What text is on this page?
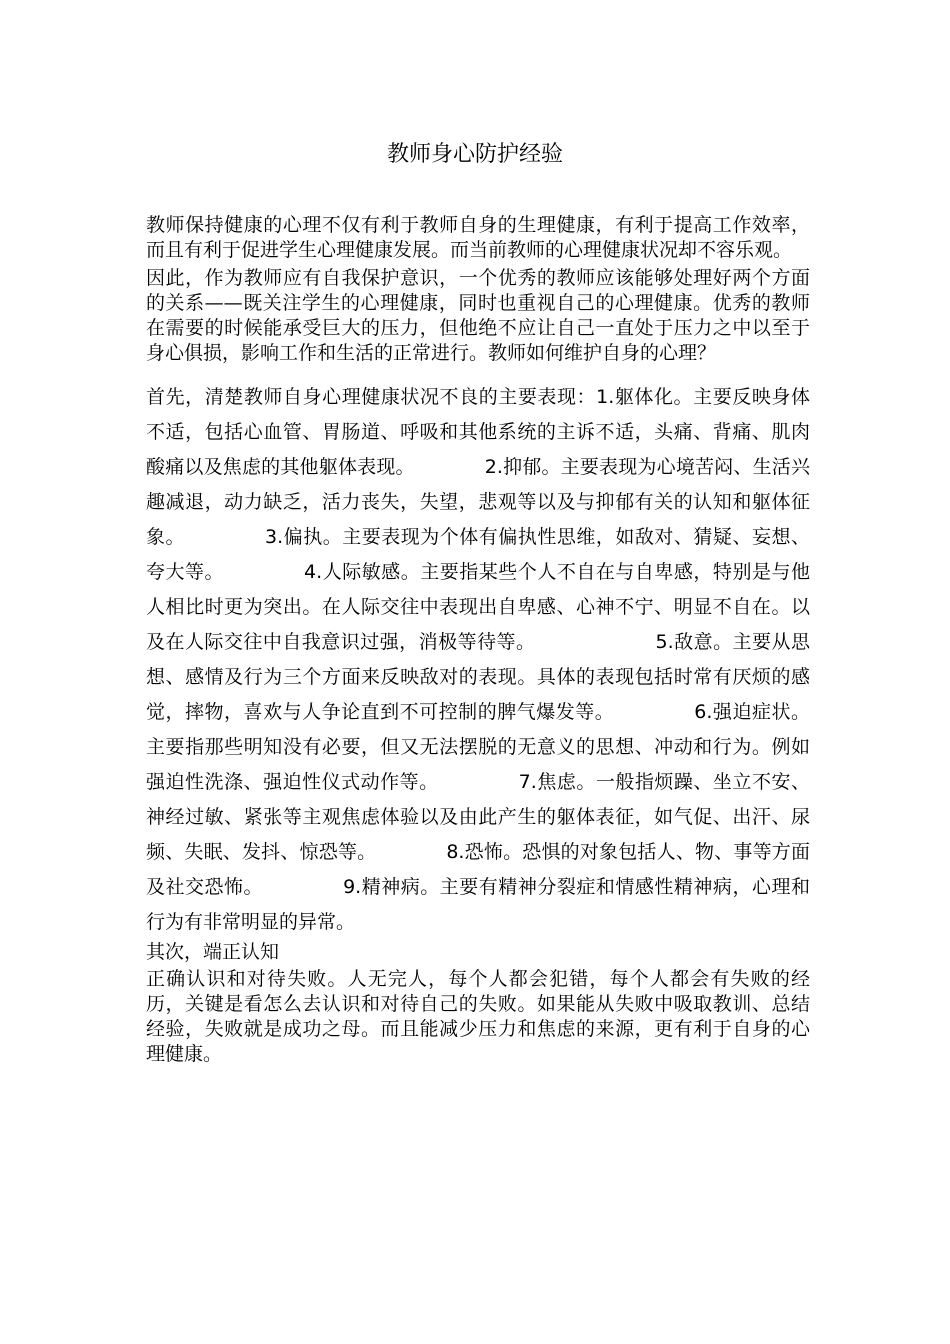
教师身心防护经验

教师保持健康的心理不仅有利于教师自身的生理健康，有利于提高工作效率，而且有利于促进学生心理健康发展。而当前教师的心理健康状况却不容乐观。

因此，作为教师应有自我保护意识，一个优秀的教师应该能够处理好两个方面的关系——既关注学生的心理健康，同时也重视自己的心理健康。优秀的教师在需要的时候能承受巨大的压力，但他绝不应让自己一直处于压力之中以至于身心俱损，影响工作和生活的正常进行。教师如何维护自身的心理？

首先，清楚教师自身心理健康状况不良的主要表现：1.躯体化。主要反映身体不适，包括心血管、胃肠道、呼吸和其他系统的主诉不适，头痛、背痛、肌肉酸痛以及焦虑的其他躯体表现。	2.抑郁。主要表现为心境苦闷、生活兴趣减退，动力缺乏，活力丧失，失望，悲观等以及与抑郁有关的认知和躯体征象。	3.偏执。主要表现为个体有偏执性思维，如敌对、猜疑、妄想、夸大等。	4.人际敏感。主要指某些个人不自在与自卑感，特别是与他人相比时更为突出。在人际交往中表现出自卑感、心神不宁、明显不自在。以及在人际交往中自我意识过强，消极等待等。	5.敌意。主要从思想、感情及行为三个方面来反映敌对的表现。具体的表现包括时常有厌烦的感觉，摔物，喜欢与人争论直到不可控制的脾气爆发等。	6.强迫症状。主要指那些明知没有必要，但又无法摆脱的无意义的思想、冲动和行为。例如强迫性洗涤、强迫性仪式动作等。	7.焦虑。一般指烦躁、坐立不安、神经过敏、紧张等主观焦虑体验以及由此产生的躯体表征，如气促、出汗、尿频、失眠、发抖、惊恐等。	8.恐怖。恐惧的对象包括人、物、事等方面及社交恐怖。	9.精神病。主要有精神分裂症和情感性精神病，心理和行为有非常明显的异常。

其次，端正认知

正确认识和对待失败。人无完人，每个人都会犯错，每个人都会有失败的经历，关键是看怎么去认识和对待自己的失败。如果能从失败中吸取教训、总结经验，失败就是成功之母。而且能减少压力和焦虑的来源，更有利于自身的心理健康。
